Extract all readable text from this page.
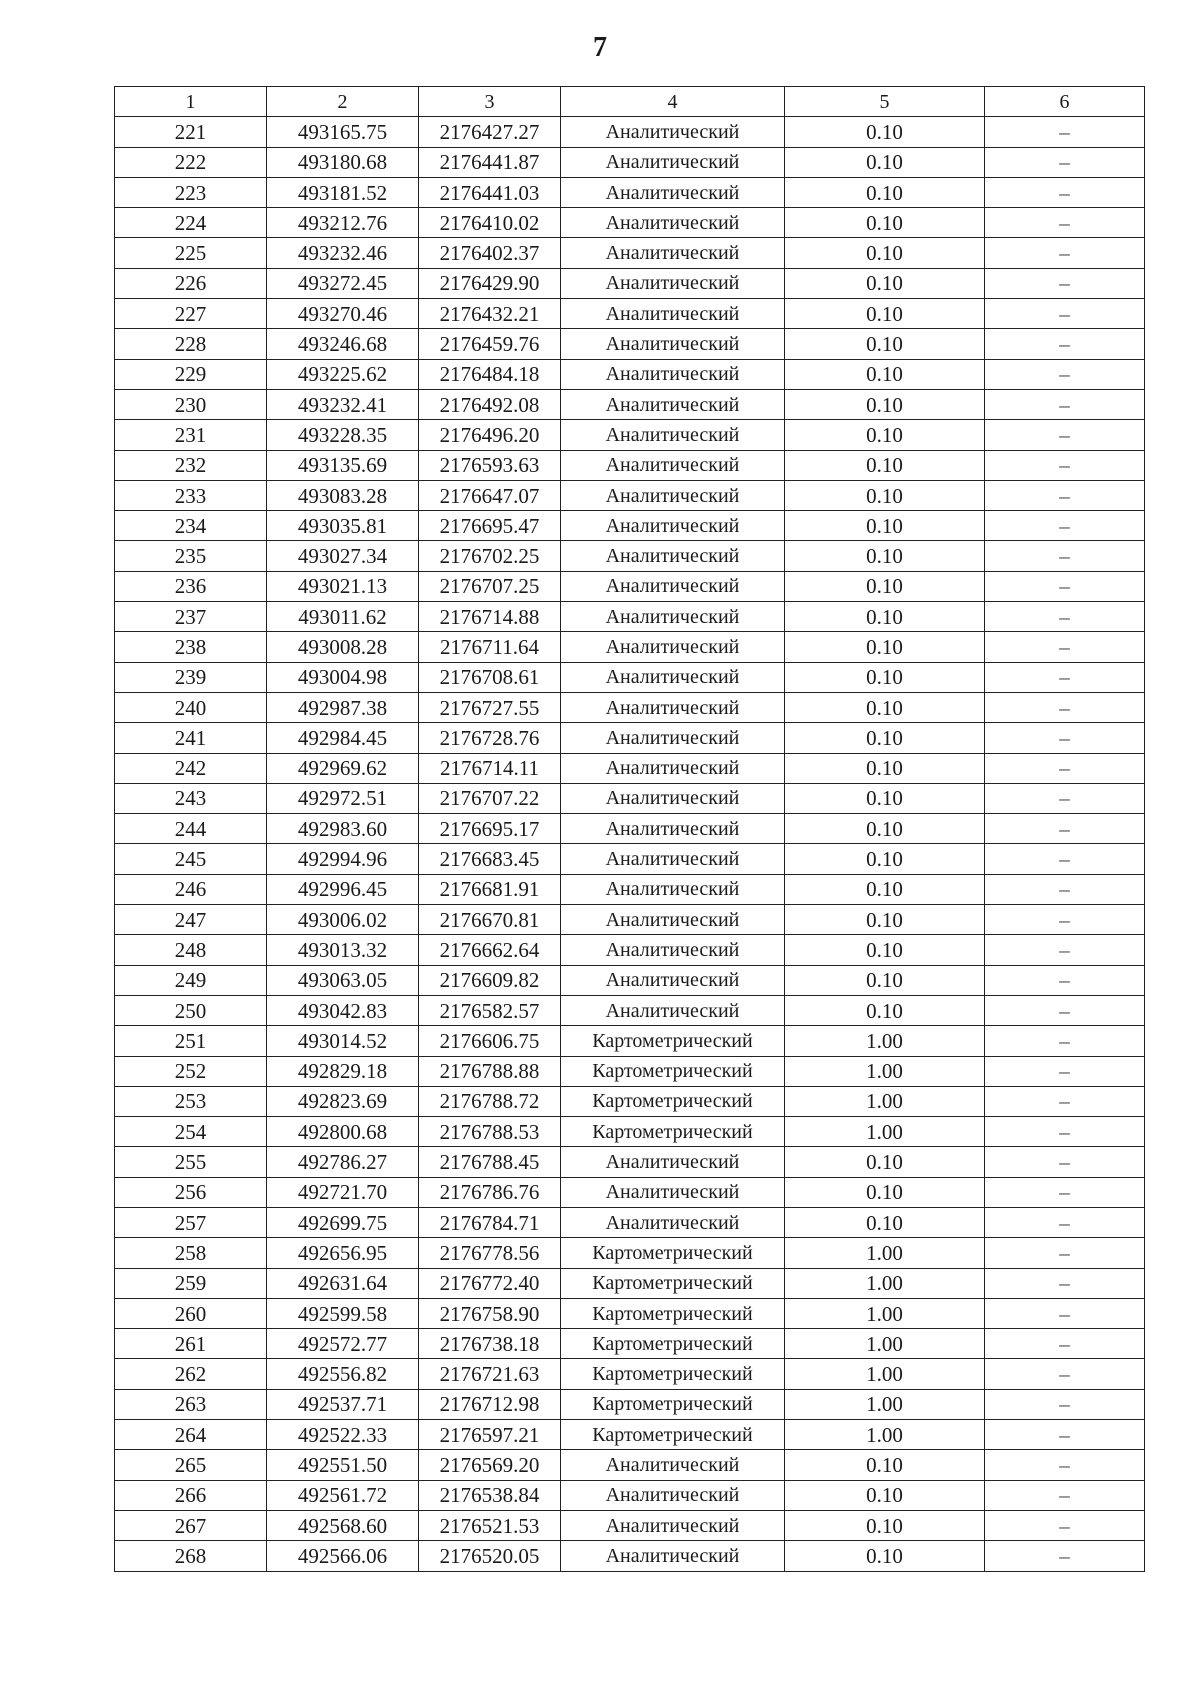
7
1	2	3	4	5	6
221	493165.75	2176427.27	Аналитический	0.10	–
222	493180.68	2176441.87	Аналитический	0.10	–
223	493181.52	2176441.03	Аналитический	0.10	–
224	493212.76	2176410.02	Аналитический	0.10	–
225	493232.46	2176402.37	Аналитический	0.10	–
226	493272.45	2176429.90	Аналитический	0.10	–
227	493270.46	2176432.21	Аналитический	0.10	–
228	493246.68	2176459.76	Аналитический	0.10	–
229	493225.62	2176484.18	Аналитический	0.10	–
230	493232.41	2176492.08	Аналитический	0.10	–
231	493228.35	2176496.20	Аналитический	0.10	–
232	493135.69	2176593.63	Аналитический	0.10	–
233	493083.28	2176647.07	Аналитический	0.10	–
234	493035.81	2176695.47	Аналитический	0.10	–
235	493027.34	2176702.25	Аналитический	0.10	–
236	493021.13	2176707.25	Аналитический	0.10	–
237	493011.62	2176714.88	Аналитический	0.10	–
238	493008.28	2176711.64	Аналитический	0.10	–
239	493004.98	2176708.61	Аналитический	0.10	–
240	492987.38	2176727.55	Аналитический	0.10	–
241	492984.45	2176728.76	Аналитический	0.10	–
242	492969.62	2176714.11	Аналитический	0.10	–
243	492972.51	2176707.22	Аналитический	0.10	–
244	492983.60	2176695.17	Аналитический	0.10	–
245	492994.96	2176683.45	Аналитический	0.10	–
246	492996.45	2176681.91	Аналитический	0.10	–
247	493006.02	2176670.81	Аналитический	0.10	–
248	493013.32	2176662.64	Аналитический	0.10	–
249	493063.05	2176609.82	Аналитический	0.10	–
250	493042.83	2176582.57	Аналитический	0.10	–
251	493014.52	2176606.75	Картометрический	1.00	–
252	492829.18	2176788.88	Картометрический	1.00	–
253	492823.69	2176788.72	Картометрический	1.00	–
254	492800.68	2176788.53	Картометрический	1.00	–
255	492786.27	2176788.45	Аналитический	0.10	–
256	492721.70	2176786.76	Аналитический	0.10	–
257	492699.75	2176784.71	Аналитический	0.10	–
258	492656.95	2176778.56	Картометрический	1.00	–
259	492631.64	2176772.40	Картометрический	1.00	–
260	492599.58	2176758.90	Картометрический	1.00	–
261	492572.77	2176738.18	Картометрический	1.00	–
262	492556.82	2176721.63	Картометрический	1.00	–
263	492537.71	2176712.98	Картометрический	1.00	–
264	492522.33	2176597.21	Картометрический	1.00	–
265	492551.50	2176569.20	Аналитический	0.10	–
266	492561.72	2176538.84	Аналитический	0.10	–
267	492568.60	2176521.53	Аналитический	0.10	–
268	492566.06	2176520.05	Аналитический	0.10	–
